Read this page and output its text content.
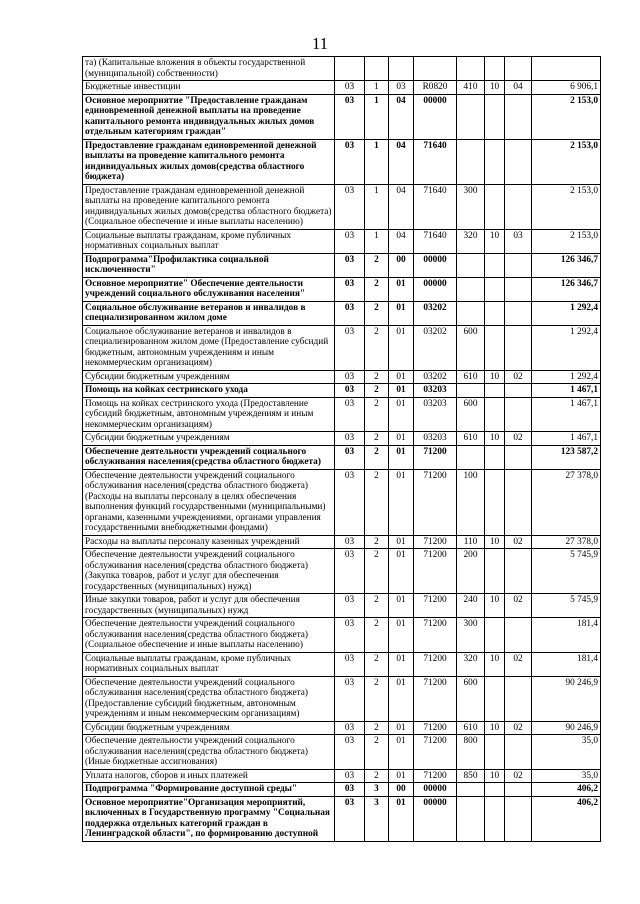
11
та) (Капитальные вложения в объекты государственной (муниципальной) собственности)								
Бюджетные инвестиции	03	1	03	R0820	410	10	04	6 906,1
Основное мероприятие "Предоставление гражданам единовременной денежной выплаты на проведение капитального ремонта индивидуальных жилых домов отдельным категориям граждан"	03	1	04	00000				2 153,0
Предоставление гражданам единовременной денежной выплаты на проведение капитального ремонта индивидуальных жилых домов(средства областного бюджета)	03	1	04	71640				2 153,0
Предоставление гражданам единовременной денежной выплаты на проведение капитального ремонта индивидуальных жилых домов(средства областного бюджета) (Социальное обеспечение и иные выплаты населению)	03	1	04	71640	300			2 153,0
Социальные выплаты гражданам, кроме публичных нормативных социальных выплат	03	1	04	71640	320	10	03	2 153,0
Подпрограмма"Профилактика социальной исключенности"	03	2	00	00000				126 346,7
Основное мероприятие" Обеспечение деятельности учреждений социального обслуживания населения"	03	2	01	00000				126 346,7
Социальное обслуживание ветеранов и инвалидов в специализированном жилом доме	03	2	01	03202				1 292,4
Социальное обслуживание ветеранов и инвалидов в специализированном жилом доме (Предоставление субсидий бюджетным, автономным учреждениям и иным некоммерческим организациям)	03	2	01	03202	600			1 292,4
Субсидии бюджетным учреждениям	03	2	01	03202	610	10	02	1 292,4
Помощь на койках сестринского ухода	03	2	01	03203				1 467,1
Помощь на койках сестринского ухода (Предоставление субсидий бюджетным, автономным учреждениям и иным некоммерческим организациям)	03	2	01	03203	600			1 467,1
Субсидии бюджетным учреждениям	03	2	01	03203	610	10	02	1 467,1
Обеспечение деятельности учреждений социального обслуживания населения(средства областного бюджета)	03	2	01	71200				123 587,2
Обеспечение деятельности учреждений социального обслуживания населения(средства областного бюджета) (Расходы на выплаты персоналу в целях обеспечения выполнения функций государственными (муниципальными) органами, казенными учреждениями, органами управления государственными внебюджетными фондами)	03	2	01	71200	100			27 378,0
Расходы на выплаты персоналу казенных учреждений	03	2	01	71200	110	10	02	27 378,0
Обеспечение деятельности учреждений социального обслуживания населения(средства областного бюджета) (Закупка товаров, работ и услуг для обеспечения государственных (муниципальных) нужд)	03	2	01	71200	200			5 745,9
Иные закупки товаров, работ и услуг для обеспечения государственных (муниципальных) нужд	03	2	01	71200	240	10	02	5 745,9
Обеспечение деятельности учреждений социального обслуживания населения(средства областного бюджета) (Социальное обеспечение и иные выплаты населению)	03	2	01	71200	300			181,4
Социальные выплаты гражданам, кроме публичных нормативных социальных выплат	03	2	01	71200	320	10	02	181,4
Обеспечение деятельности учреждений социального обслуживания населения(средства областного бюджета) (Предоставление субсидий бюджетным, автономным учреждениям и иным некоммерческим организациям)	03	2	01	71200	600			90 246,9
Субсидии бюджетным учреждениям	03	2	01	71200	610	10	02	90 246,9
Обеспечение деятельности учреждений социального обслуживания населения(средства областного бюджета) (Иные бюджетные ассигнования)	03	2	01	71200	800			35,0
Уплата налогов, сборов и иных платежей	03	2	01	71200	850	10	02	35,0
Подпрограмма "Формирование доступной среды"	03	3	00	00000				406,2
Основное мероприятие"Организация мероприятий, включенных в Государственную программу "Социальная поддержка отдельных категорий граждан в Ленинградской области", по формированию доступной	03	3	01	00000				406,2
